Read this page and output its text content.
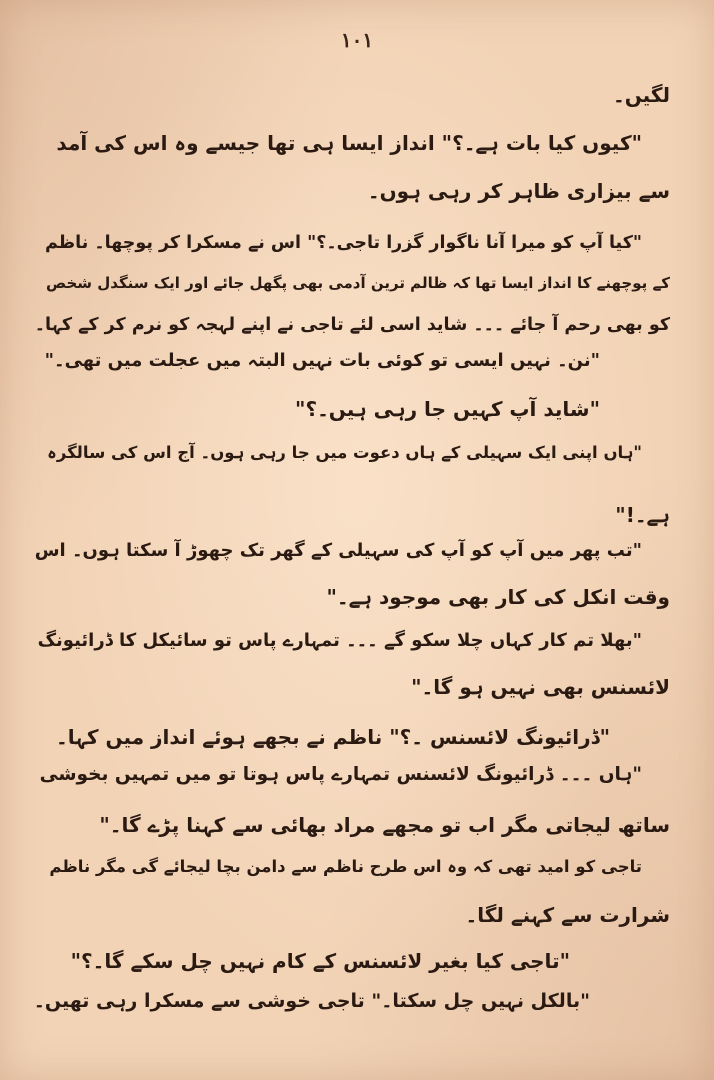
۱۰۱
لگیں۔
"کیوں کیا بات ہے۔؟" انداز ایسا ہی تھا جیسے وہ اس کی آمد
سے بیزاری ظاہر کر رہی ہوں۔
"کیا آپ کو میرا آنا ناگوار گزرا تاجی۔؟" اس نے مسکرا کر پوچھا۔ ناظم
کے پوچھنے کا انداز ایسا تھا کہ ظالم ترین آدمی بھی پگھل جائے اور ایک سنگدل شخص
کو بھی رحم آ جائے ۔۔۔ شاید اسی لئے تاجی نے اپنے لہجہ کو نرم کر کے کہا۔
"نن۔ نہیں ایسی تو کوئی بات نہیں البتہ میں عجلت میں تھی۔"
"شاید آپ کہیں جا رہی ہیں۔؟"
"ہاں اپنی ایک سہیلی کے ہاں دعوت میں جا رہی ہوں۔ آج اس کی سالگرہ
ہے۔!"
"تب پھر میں آپ کو آپ کی سہیلی کے گھر تک چھوڑ آ سکتا ہوں۔ اس
وقت انکل کی کار بھی موجود ہے۔"
"بھلا تم کار کہاں چلا سکو گے ۔۔۔ تمہارے پاس تو سائیکل کا ڈرائیونگ
لائسنس بھی نہیں ہو گا۔"
"ڈرائیونگ لائسنس ۔؟" ناظم نے بجھے ہوئے انداز میں کہا۔
"ہاں ۔۔۔ ڈرائیونگ لائسنس تمہارے پاس ہوتا تو میں تمہیں بخوشی
ساتھ لیجاتی مگر اب تو مجھے مراد بھائی سے کہنا پڑے گا۔"
تاجی کو امید تھی کہ وہ اس طرح ناظم سے دامن بچا لیجائے گی مگر ناظم
شرارت سے کہنے لگا۔
"تاجی کیا بغیر لائسنس کے کام نہیں چل سکے گا۔؟"
"بالکل نہیں چل سکتا۔" تاجی خوشی سے مسکرا رہی تھیں۔
